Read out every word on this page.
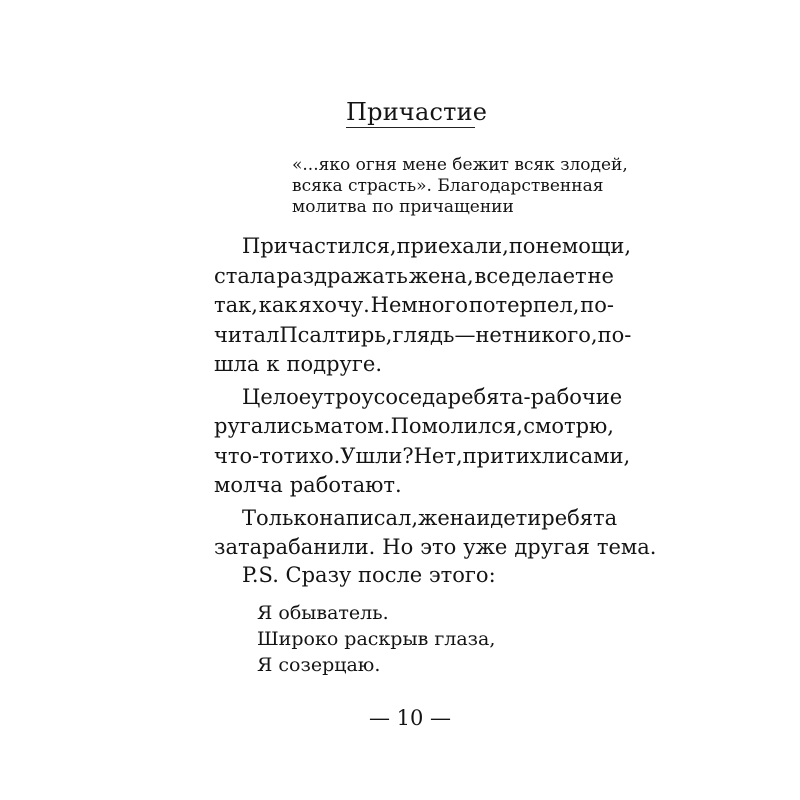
Причастие
«...яко огня мене бежит всяк злодей,
всяка страсть». Благодарственная
молитва по причащении
Причастился, приехал и, по немощи,
стала раздражать жена, все делает не
так, как я хочу. Немного потерпел, по-
читал Псалтирь, глядь — нет никого, по-
шла к подруге.
Целое утро у соседа ребята-рабочие
ругались матом. Помолился, смотрю,
что-то тихо. Ушли? Нет, притихли сами,
молча работают.
Только написал, жена идет и ребята
затарабанили. Но это уже другая тема.
P.S. Сразу после этого:
Я обыватель.
Широко раскрыв глаза,
Я созерцаю.
— 10 —
